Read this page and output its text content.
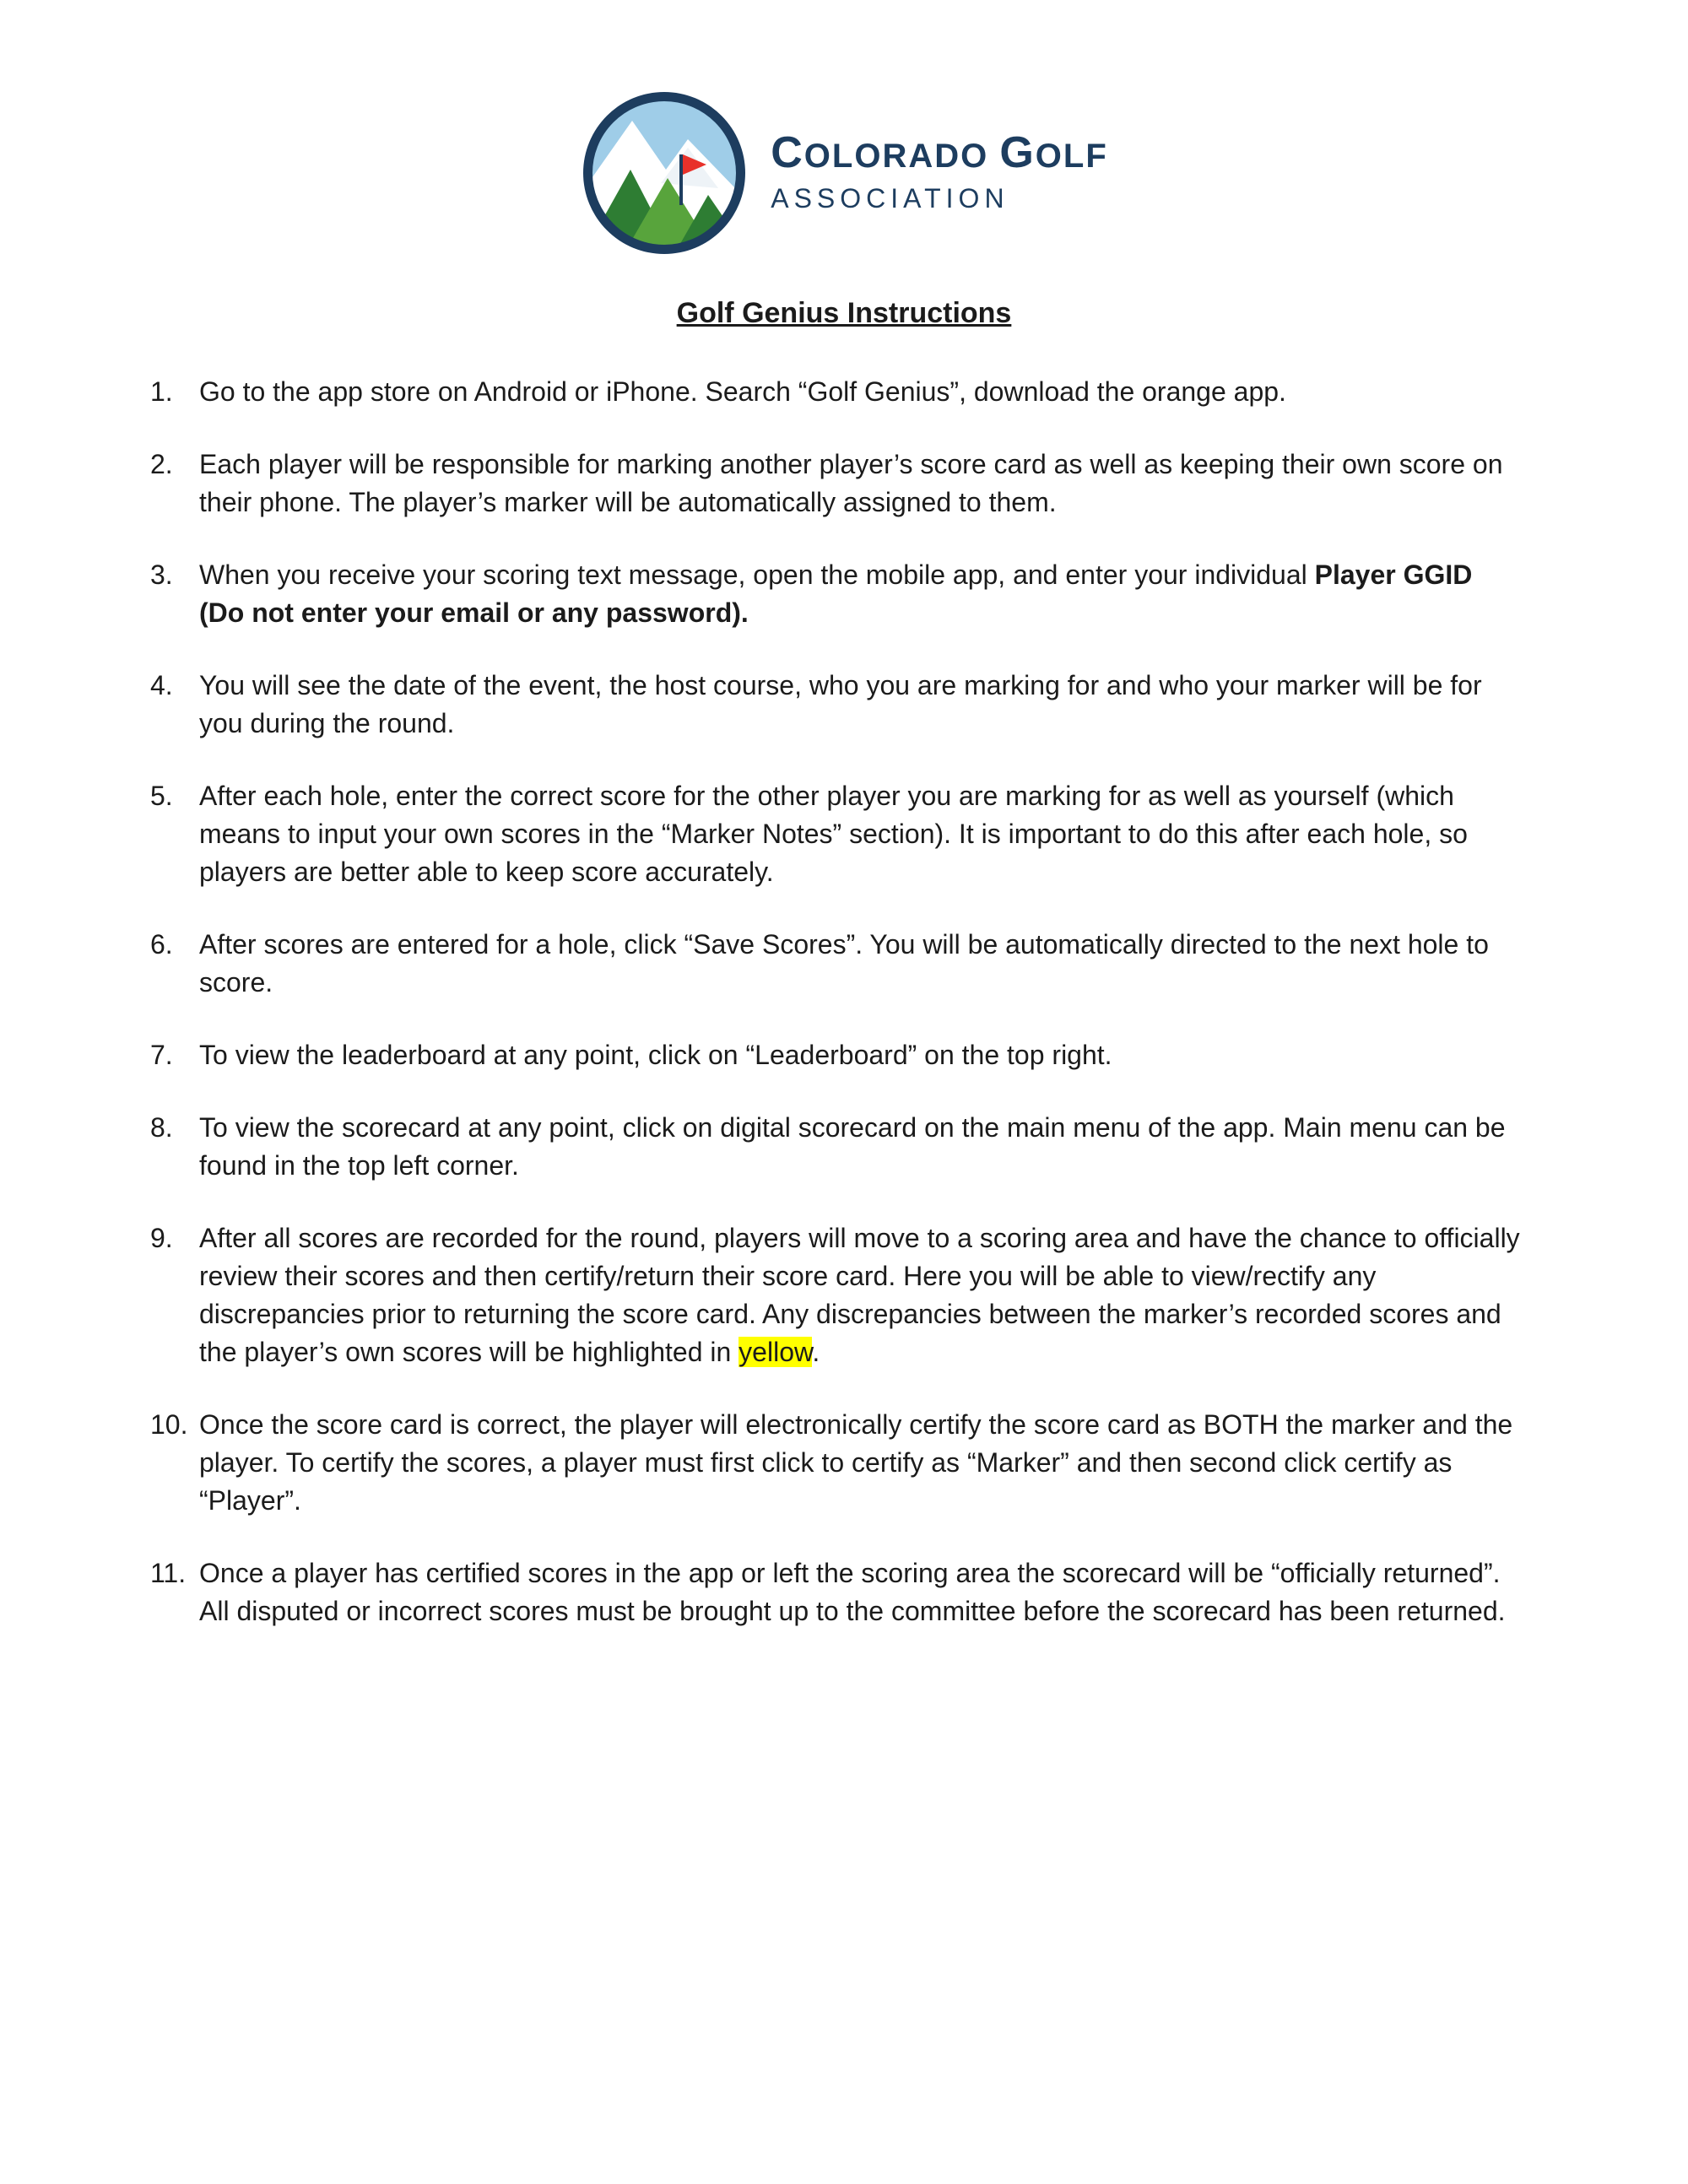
COLORADO GOLF
ASSOCIATION
Golf Genius Instructions
1. Go to the app store on Android or iPhone. Search “Golf Genius”, download the orange app.
2. Each player will be responsible for marking another player’s score card as well as keeping their own score on their phone. The player’s marker will be automatically assigned to them.
3. When you receive your scoring text message, open the mobile app, and enter your individual Player GGID (Do not enter your email or any password).
4. You will see the date of the event, the host course, who you are marking for and who your marker will be for you during the round.
5. After each hole, enter the correct score for the other player you are marking for as well as yourself (which means to input your own scores in the “Marker Notes” section). It is important to do this after each hole, so players are better able to keep score accurately.
6. After scores are entered for a hole, click “Save Scores”. You will be automatically directed to the next hole to score.
7. To view the leaderboard at any point, click on “Leaderboard” on the top right.
8. To view the scorecard at any point, click on digital scorecard on the main menu of the app. Main menu can be found in the top left corner.
9. After all scores are recorded for the round, players will move to a scoring area and have the chance to officially review their scores and then certify/return their score card. Here you will be able to view/rectify any discrepancies prior to returning the score card. Any discrepancies between the marker’s recorded scores and the player’s own scores will be highlighted in yellow.
10. Once the score card is correct, the player will electronically certify the score card as BOTH the marker and the player. To certify the scores, a player must first click to certify as “Marker” and then second click certify as “Player”.
11. Once a player has certified scores in the app or left the scoring area the scorecard will be “officially returned”. All disputed or incorrect scores must be brought up to the committee before the scorecard has been returned.
